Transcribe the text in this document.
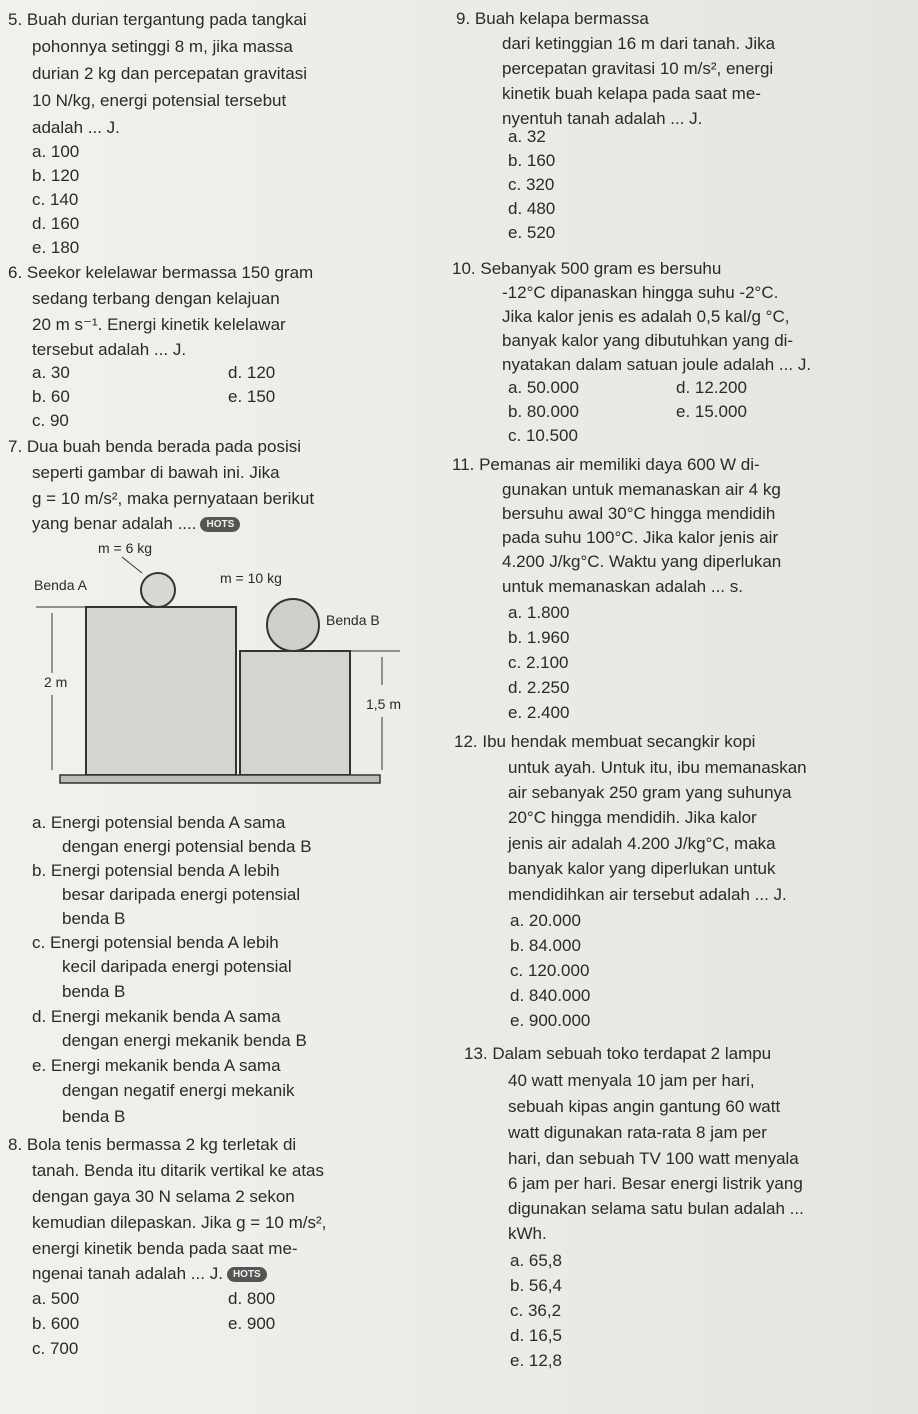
5. Buah durian tergantung pada tangkai
pohonnya setinggi 8 m, jika massa
durian 2 kg dan percepatan gravitasi
10 N/kg, energi potensial tersebut
adalah ... J.
a. 100
b. 120
c. 140
d. 160
e. 180
6. Seekor kelelawar bermassa 150 gram
sedang terbang dengan kelajuan
20 m s⁻¹. Energi kinetik kelelawar
tersebut adalah ... J.
a. 30
b. 60
c. 90
d. 120
e. 150
7. Dua buah benda berada pada posisi
seperti gambar di bawah ini. Jika
g = 10 m/s², maka pernyataan berikut
yang benar adalah .... HOTS
m = 6 kg
Benda A
2 m
m = 10 kg
Benda B
1,5 m
a. Energi potensial benda A sama
dengan energi potensial benda B
b. Energi potensial benda A lebih
besar daripada energi potensial
benda B
c. Energi potensial benda A lebih
kecil daripada energi potensial
benda B
d. Energi mekanik benda A sama
dengan energi mekanik benda B
e. Energi mekanik benda A sama
dengan negatif energi mekanik
benda B
8. Bola tenis bermassa 2 kg terletak di
tanah. Benda itu ditarik vertikal ke atas
dengan gaya 30 N selama 2 sekon
kemudian dilepaskan. Jika g = 10 m/s²,
energi kinetik benda pada saat me-
ngenai tanah adalah ... J. HOTS
a. 500
b. 600
c. 700
d. 800
e. 900
9. Buah kelapa bermassa
dari ketinggian 16 m dari tanah. Jika
percepatan gravitasi 10 m/s², energi
kinetik buah kelapa pada saat me-
nyentuh tanah adalah ... J.
a. 32
b. 160
c. 320
d. 480
e. 520
10. Sebanyak 500 gram es bersuhu
-12°C dipanaskan hingga suhu -2°C.
Jika kalor jenis es adalah 0,5 kal/g °C,
banyak kalor yang dibutuhkan yang di-
nyatakan dalam satuan joule adalah ... J.
a. 50.000
b. 80.000
c. 10.500
d. 12.200
e. 15.000
11. Pemanas air memiliki daya 600 W di-
gunakan untuk memanaskan air 4 kg
bersuhu awal 30°C hingga mendidih
pada suhu 100°C. Jika kalor jenis air
4.200 J/kg°C. Waktu yang diperlukan
untuk memanaskan adalah ... s.
a. 1.800
b. 1.960
c. 2.100
d. 2.250
e. 2.400
12. Ibu hendak membuat secangkir kopi
untuk ayah. Untuk itu, ibu memanaskan
air sebanyak 250 gram yang suhunya
20°C hingga mendidih. Jika kalor
jenis air adalah 4.200 J/kg°C, maka
banyak kalor yang diperlukan untuk
mendidihkan air tersebut adalah ... J.
a. 20.000
b. 84.000
c. 120.000
d. 840.000
e. 900.000
13. Dalam sebuah toko terdapat 2 lampu
40 watt menyala 10 jam per hari,
sebuah kipas angin gantung 60 watt
watt digunakan rata-rata 8 jam per
hari, dan sebuah TV 100 watt menyala
6 jam per hari. Besar energi listrik yang
digunakan selama satu bulan adalah ...
kWh.
a. 65,8
b. 56,4
c. 36,2
d. 16,5
e. 12,8
